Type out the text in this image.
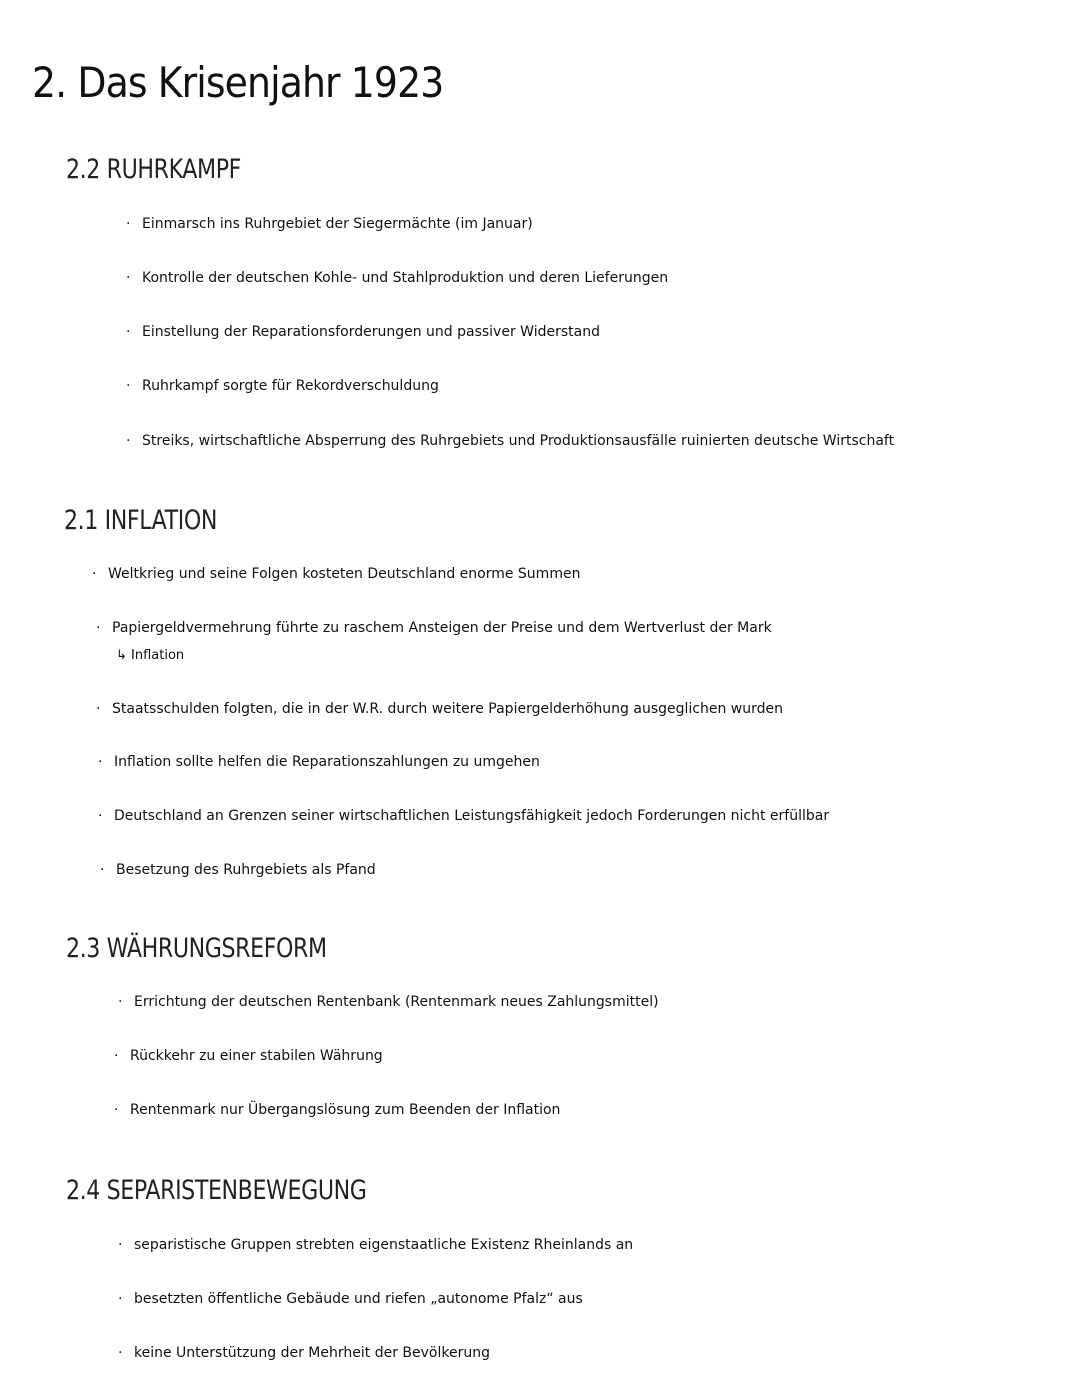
2. Das Krisenjahr 1923
2.2 RUHRKAMPF
· Einmarsch ins Ruhrgebiet der Siegermächte (im Januar)
· Kontrolle der deutschen Kohle- und Stahlproduktion und deren Lieferungen
· Einstellung der Reparationsforderungen und passiver Widerstand
· Ruhrkampf sorgte für Rekordverschuldung
· Streiks, wirtschaftliche Absperrung des Ruhrgebiets und Produktionsausfälle ruinierten deutsche Wirtschaft
2.1 INFLATION
· Weltkrieg und seine Folgen kosteten Deutschland enorme Summen
· Papiergeldvermehrung führte zu raschem Ansteigen der Preise und dem Wertverlust der Mark
↳ Inflation
· Staatsschulden folgten, die in der W.R. durch weitere Papiergelderhöhung ausgeglichen wurden
· Inflation sollte helfen die Reparationszahlungen zu umgehen
· Deutschland an Grenzen seiner wirtschaftlichen Leistungsfähigkeit jedoch Forderungen nicht erfüllbar
· Besetzung des Ruhrgebiets als Pfand
2.3 WÄHRUNGSREFORM
· Errichtung der deutschen Rentenbank (Rentenmark neues Zahlungsmittel)
· Rückkehr zu einer stabilen Währung
· Rentenmark nur Übergangslösung zum Beenden der Inflation
2.4 SEPARISTENBEWEGUNG
· separistische Gruppen strebten eigenstaatliche Existenz Rheinlands an
· besetzten öffentliche Gebäude und riefen „autonome Pfalz“ aus
· keine Unterstützung der Mehrheit der Bevölkerung
